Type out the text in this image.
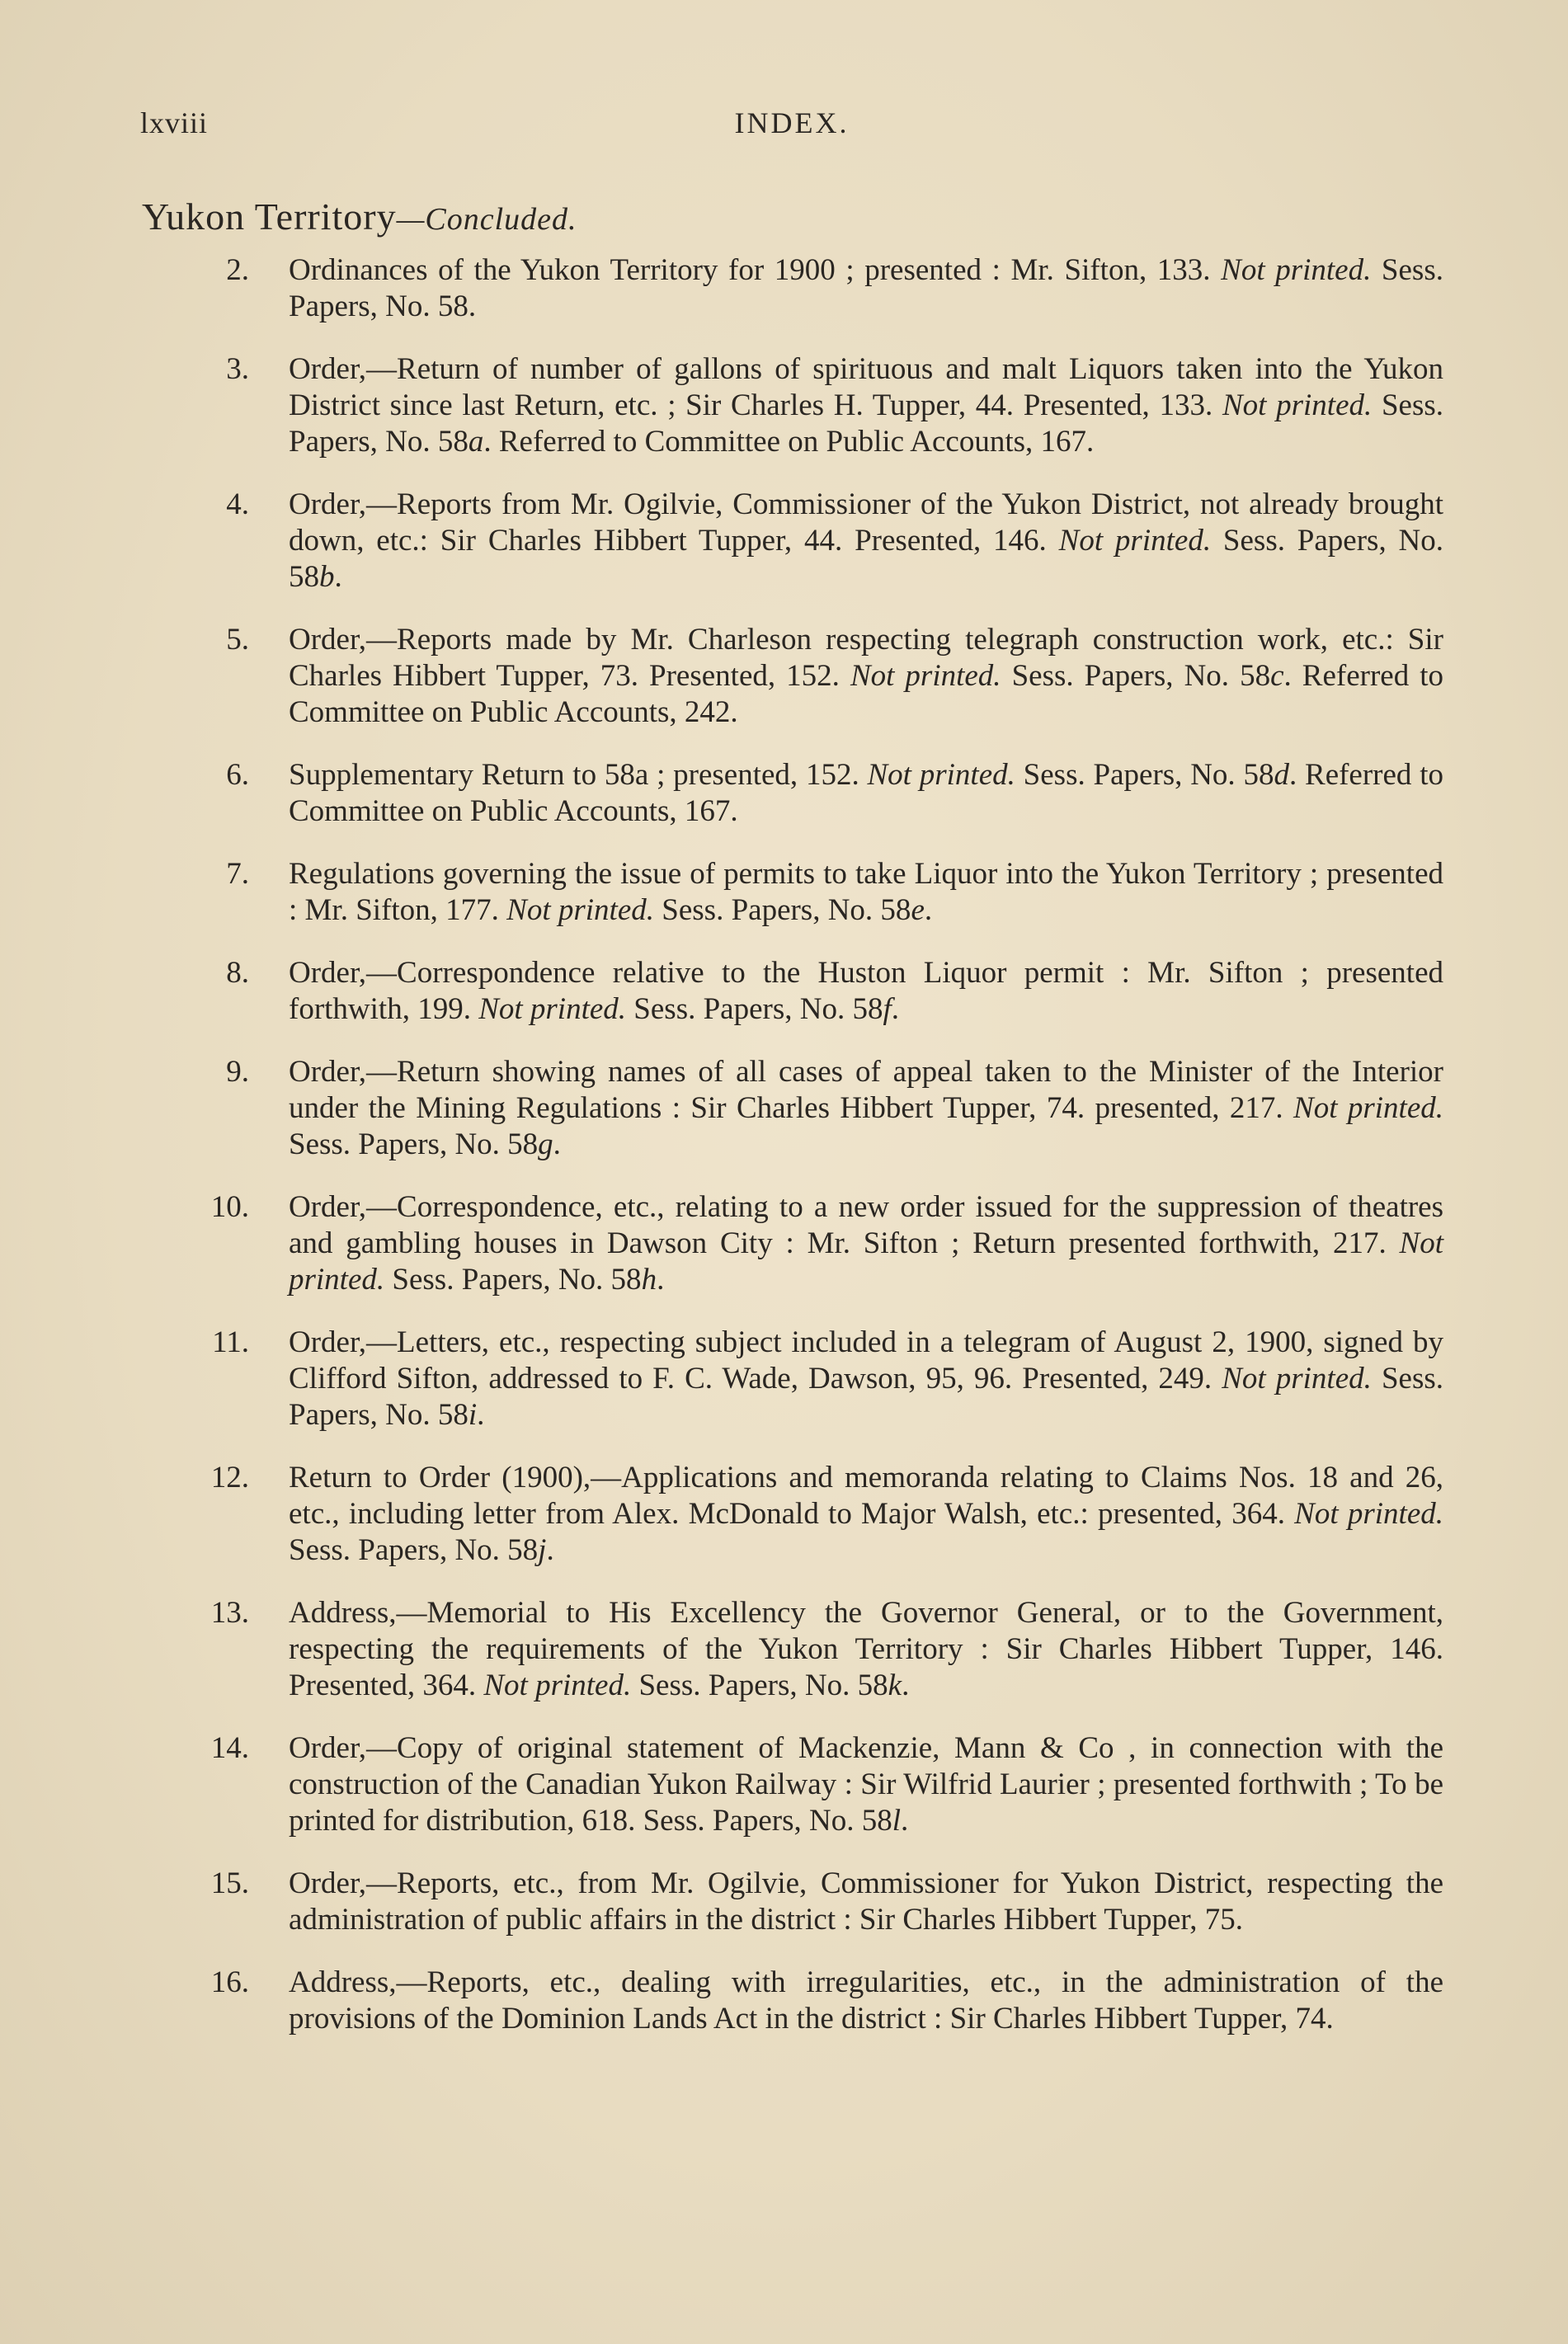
lxviii	INDEX.
Yukon Territory—Concluded.
2. Ordinances of the Yukon Territory for 1900 ; presented : Mr. Sifton, 133. Not printed. Sess. Papers, No. 58.
3. Order,—Return of number of gallons of spirituous and malt Liquors taken into the Yukon District since last Return, etc. ; Sir Charles H. Tupper, 44. Presented, 133. Not printed. Sess. Papers, No. 58a. Referred to Committee on Public Accounts, 167.
4. Order,—Reports from Mr. Ogilvie, Commissioner of the Yukon District, not already brought down, etc.: Sir Charles Hibbert Tupper, 44. Presented, 146. Not printed. Sess. Papers, No. 58b.
5. Order,—Reports made by Mr. Charleson respecting telegraph construction work, etc.: Sir Charles Hibbert Tupper, 73. Presented, 152. Not printed. Sess. Papers, No. 58c. Referred to Committee on Public Accounts, 242.
6. Supplementary Return to 58a ; presented, 152. Not printed. Sess. Papers, No. 58d. Referred to Committee on Public Accounts, 167.
7. Regulations governing the issue of permits to take Liquor into the Yukon Territory ; presented : Mr. Sifton, 177. Not printed. Sess. Papers, No. 58e.
8. Order,—Correspondence relative to the Huston Liquor permit : Mr. Sifton ; presented forthwith, 199. Not printed. Sess. Papers, No. 58f.
9. Order,—Return showing names of all cases of appeal taken to the Minister of the Interior under the Mining Regulations : Sir Charles Hibbert Tupper, 74. presented, 217. Not printed. Sess. Papers, No. 58g.
10. Order,—Correspondence, etc., relating to a new order issued for the suppression of theatres and gambling houses in Dawson City : Mr. Sifton ; Return presented forthwith, 217. Not printed. Sess. Papers, No. 58h.
11. Order,—Letters, etc., respecting subject included in a telegram of August 2, 1900, signed by Clifford Sifton, addressed to F. C. Wade, Dawson, 95, 96. Presented, 249. Not printed. Sess. Papers, No. 58i.
12. Return to Order (1900),—Applications and memoranda relating to Claims Nos. 18 and 26, etc., including letter from Alex. McDonald to Major Walsh, etc.: presented, 364. Not printed. Sess. Papers, No. 58j.
13. Address,—Memorial to His Excellency the Governor General, or to the Government, respecting the requirements of the Yukon Territory : Sir Charles Hibbert Tupper, 146. Presented, 364. Not printed. Sess. Papers, No. 58k.
14. Order,—Copy of original statement of Mackenzie, Mann & Co , in connection with the construction of the Canadian Yukon Railway : Sir Wilfrid Laurier ; presented forthwith ; To be printed for distribution, 618. Sess. Papers, No. 58l.
15. Order,—Reports, etc., from Mr. Ogilvie, Commissioner for Yukon District, respecting the administration of public affairs in the district : Sir Charles Hibbert Tupper, 75.
16. Address,—Reports, etc., dealing with irregularities, etc., in the administration of the provisions of the Dominion Lands Act in the district : Sir Charles Hibbert Tupper, 74.
